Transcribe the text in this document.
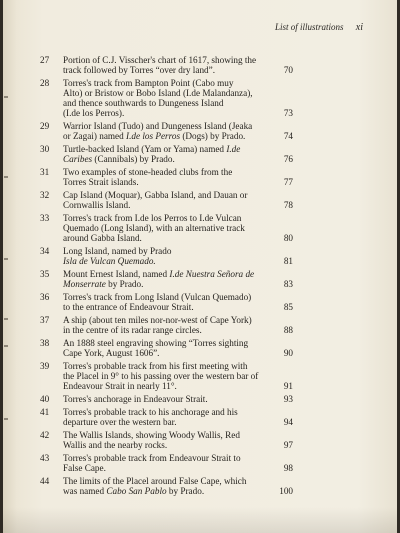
List of illustrations xi
27 Portion of C.J. Visscher's chart of 1617, showing the
track followed by Torres “over dry land”.	70
28 Torres's track from Bampton Point (Cabo muy
Alto) or Bristow or Bobo Island (I.de Malandanza),
and thence southwards to Dungeness Island
(I.de los Perros).	73
29 Warrior Island (Tudo) and Dungeness Island (Jeaka
or Zagai) named I.de los Perros (Dogs) by Prado.	74
30 Turtle-backed Island (Yam or Yama) named I.de
Caribes (Cannibals) by Prado.	76
31 Two examples of stone-headed clubs from the
Torres Strait islands.	77
32 Cap Island (Moquar), Gabba Island, and Dauan or
Cornwallis Island.	78
33 Torres's track from I.de los Perros to I.de Vulcan
Quemado (Long Island), with an alternative track
around Gabba Island.	80
34 Long Island, named by Prado
Isla de Vulcan Quemado.	81
35 Mount Ernest Island, named I.de Nuestra Señora de
Monserrate by Prado.	83
36 Torres's track from Long Island (Vulcan Quemado)
to the entrance of Endeavour Strait.	85
37 A ship (about ten miles nor-nor-west of Cape York)
in the centre of its radar range circles.	88
38 An 1888 steel engraving showing “Torres sighting
Cape York, August 1606”.	90
39 Torres's probable track from his first meeting with
the Placel in 9° to his passing over the western bar of
Endeavour Strait in nearly 11°.	91
40 Torres's anchorage in Endeavour Strait.	93
41 Torres's probable track to his anchorage and his
departure over the western bar.	94
42 The Wallis Islands, showing Woody Wallis, Red
Wallis and the nearby rocks.	97
43 Torres's probable track from Endeavour Strait to
False Cape.	98
44 The limits of the Placel around False Cape, which
was named Cabo San Pablo by Prado.	100
